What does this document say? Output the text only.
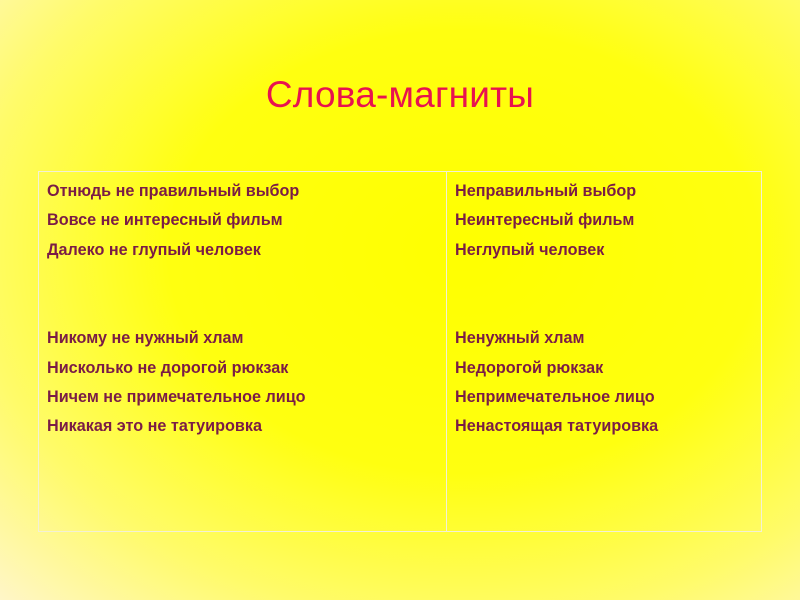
Слова-магниты
Отнюдь не правильный выбор
Вовсе не интересный фильм
Далеко не глупый человек
Никому не нужный хлам
Нисколько не дорогой рюкзак
Ничем не примечательное лицо
Никакая это не татуировка
Неправильный выбор
Неинтересный фильм
Неглупый человек
Ненужный хлам
Недорогой рюкзак
Непримечательное лицо
Ненастоящая татуировка
